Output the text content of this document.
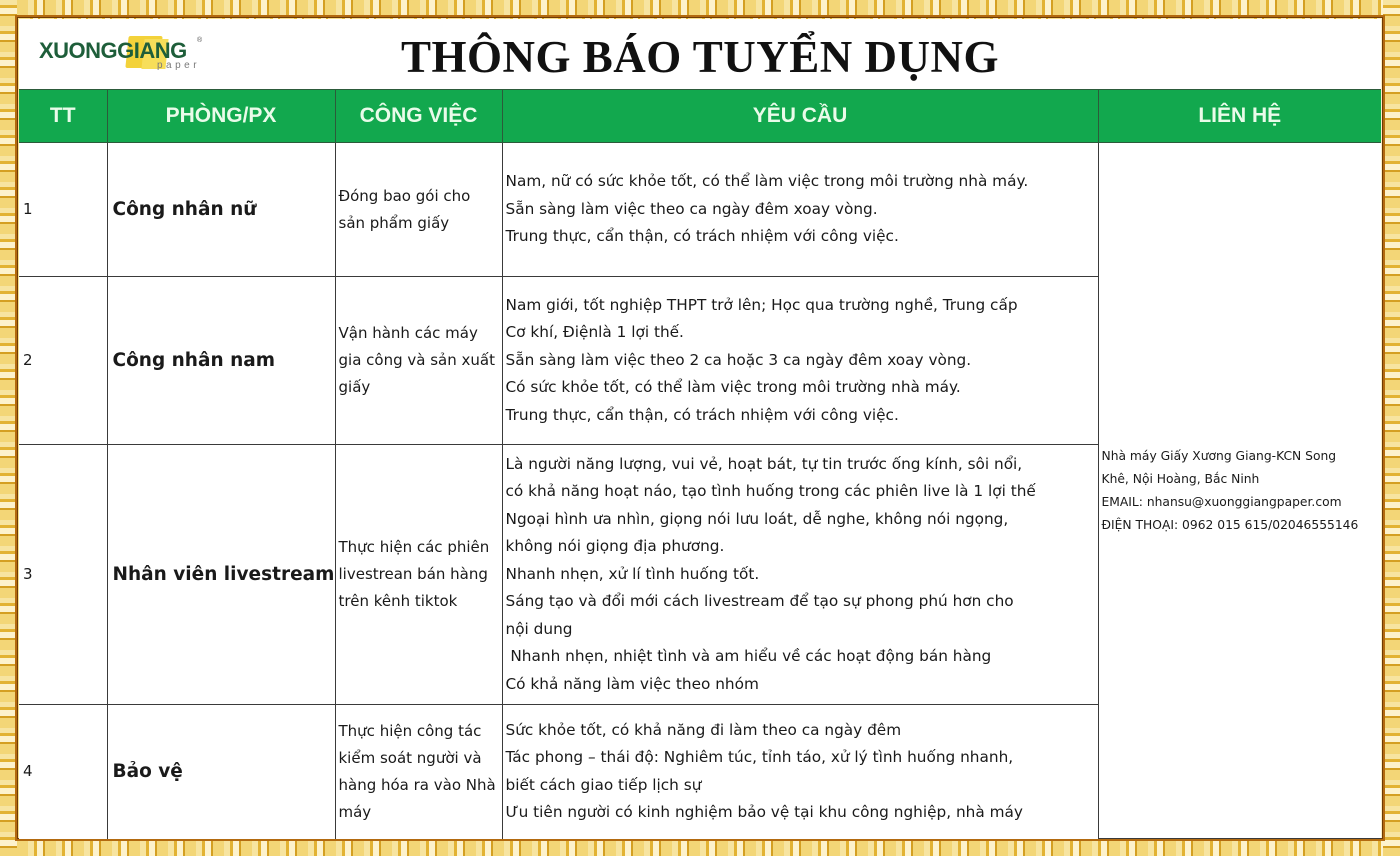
XUONGGIANG ®
paper	THÔNG BÁO TUYỂN DỤNG
TT	PHÒNG/PX	CÔNG VIỆC	YÊU CẦU	LIÊN HỆ
1	Công nhân nữ	Đóng bao gói cho sản phẩm giấy	Nam, nữ có sức khỏe tốt, có thể làm việc trong môi trường nhà máy.
Sẵn sàng làm việc theo ca ngày đêm xoay vòng.
Trung thực, cẩn thận, có trách nhiệm với công việc.	Nhà máy Giấy Xương Giang-KCN Song
Khê, Nội Hoàng, Bắc Ninh
EMAIL: nhansu@xuonggiangpaper.com
ĐIỆN THOẠI: 0962 015 615/02046555146

2	Công nhân nam	Vận hành các máy gia công và sản xuất giấy	Nam giới, tốt nghiệp THPT trở lên; Học qua trường nghề, Trung cấp
Cơ khí, Điệnlà 1 lợi thế.
Sẵn sàng làm việc theo 2 ca hoặc 3 ca ngày đêm xoay vòng.
Có sức khỏe tốt, có thể làm việc trong môi trường nhà máy.
Trung thực, cẩn thận, có trách nhiệm với công việc.	

3	Nhân viên livestream	Thực hiện các phiên livestrean bán hàng trên kênh tiktok	
Là người năng lượng, vui vẻ, hoạt bát, tự tin trước ống kính, sôi nổi,
có khả năng hoạt náo, tạo tình huống trong các phiên live là 1 lợi thế
Ngoại hình ưa nhìn, giọng nói lưu loát, dễ nghe, không nói ngọng,
không nói giọng địa phương.
Nhanh nhẹn, xử lí tình huống tốt.
Sáng tạo và đổi mới cách livestream để tạo sự phong phú hơn cho
nội dung
Nhanh nhẹn, nhiệt tình và am hiểu về các hoạt động bán hàng
Có khả năng làm việc theo nhóm

4	Bảo vệ	Thực hiện công tác kiểm soát người và hàng hóa ra vào Nhà máy	Sức khỏe tốt, có khả năng đi làm theo ca ngày đêm
Tác phong – thái độ: Nghiêm túc, tỉnh táo, xử lý tình huống nhanh,
biết cách giao tiếp lịch sự
Ưu tiên người có kinh nghiệm bảo vệ tại khu công nghiệp, nhà máy	
